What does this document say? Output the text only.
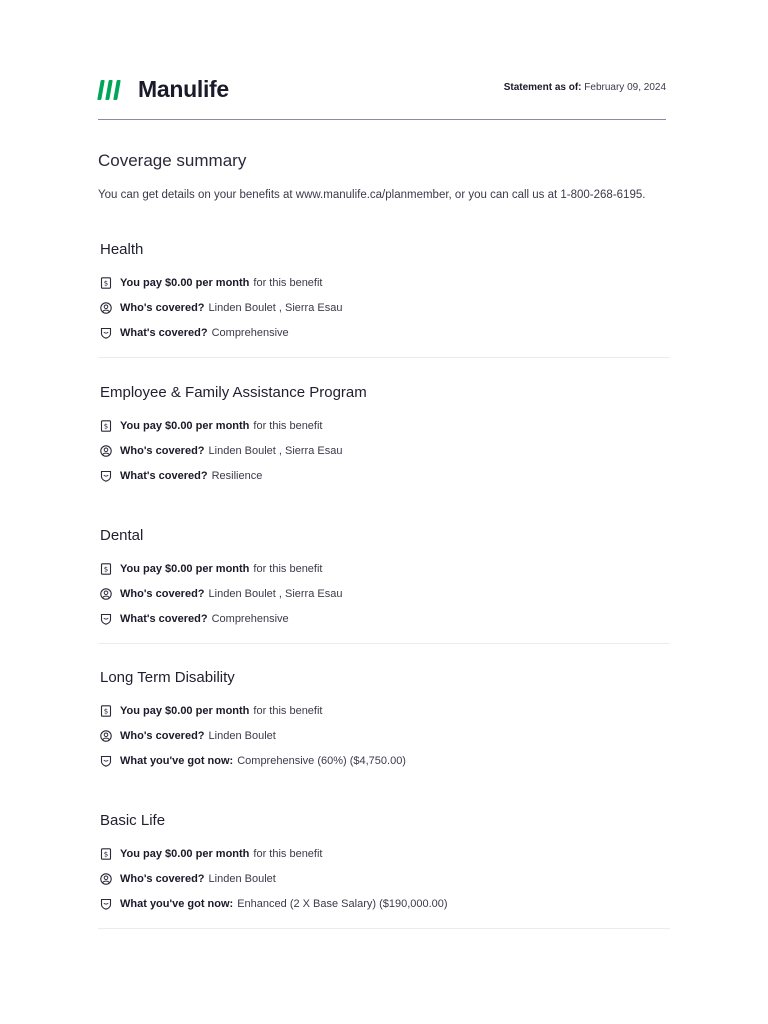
Manulife	Statement as of: February 09, 2024
Coverage summary
You can get details on your benefits at www.manulife.ca/planmember, or you can call us at 1-800-268-6195.
Health
$ You pay $0.00 per month for this benefit
Who's covered? Linden Boulet , Sierra Esau
What's covered? Comprehensive
Employee & Family Assistance Program
$ You pay $0.00 per month for this benefit
Who's covered? Linden Boulet , Sierra Esau
What's covered? Resilience
Dental
$ You pay $0.00 per month for this benefit
Who's covered? Linden Boulet , Sierra Esau
What's covered? Comprehensive
Long Term Disability
$ You pay $0.00 per month for this benefit
Who's covered? Linden Boulet
What you've got now: Comprehensive (60%) ($4,750.00)
Basic Life
$ You pay $0.00 per month for this benefit
Who's covered? Linden Boulet
What you've got now: Enhanced (2 X Base Salary) ($190,000.00)
